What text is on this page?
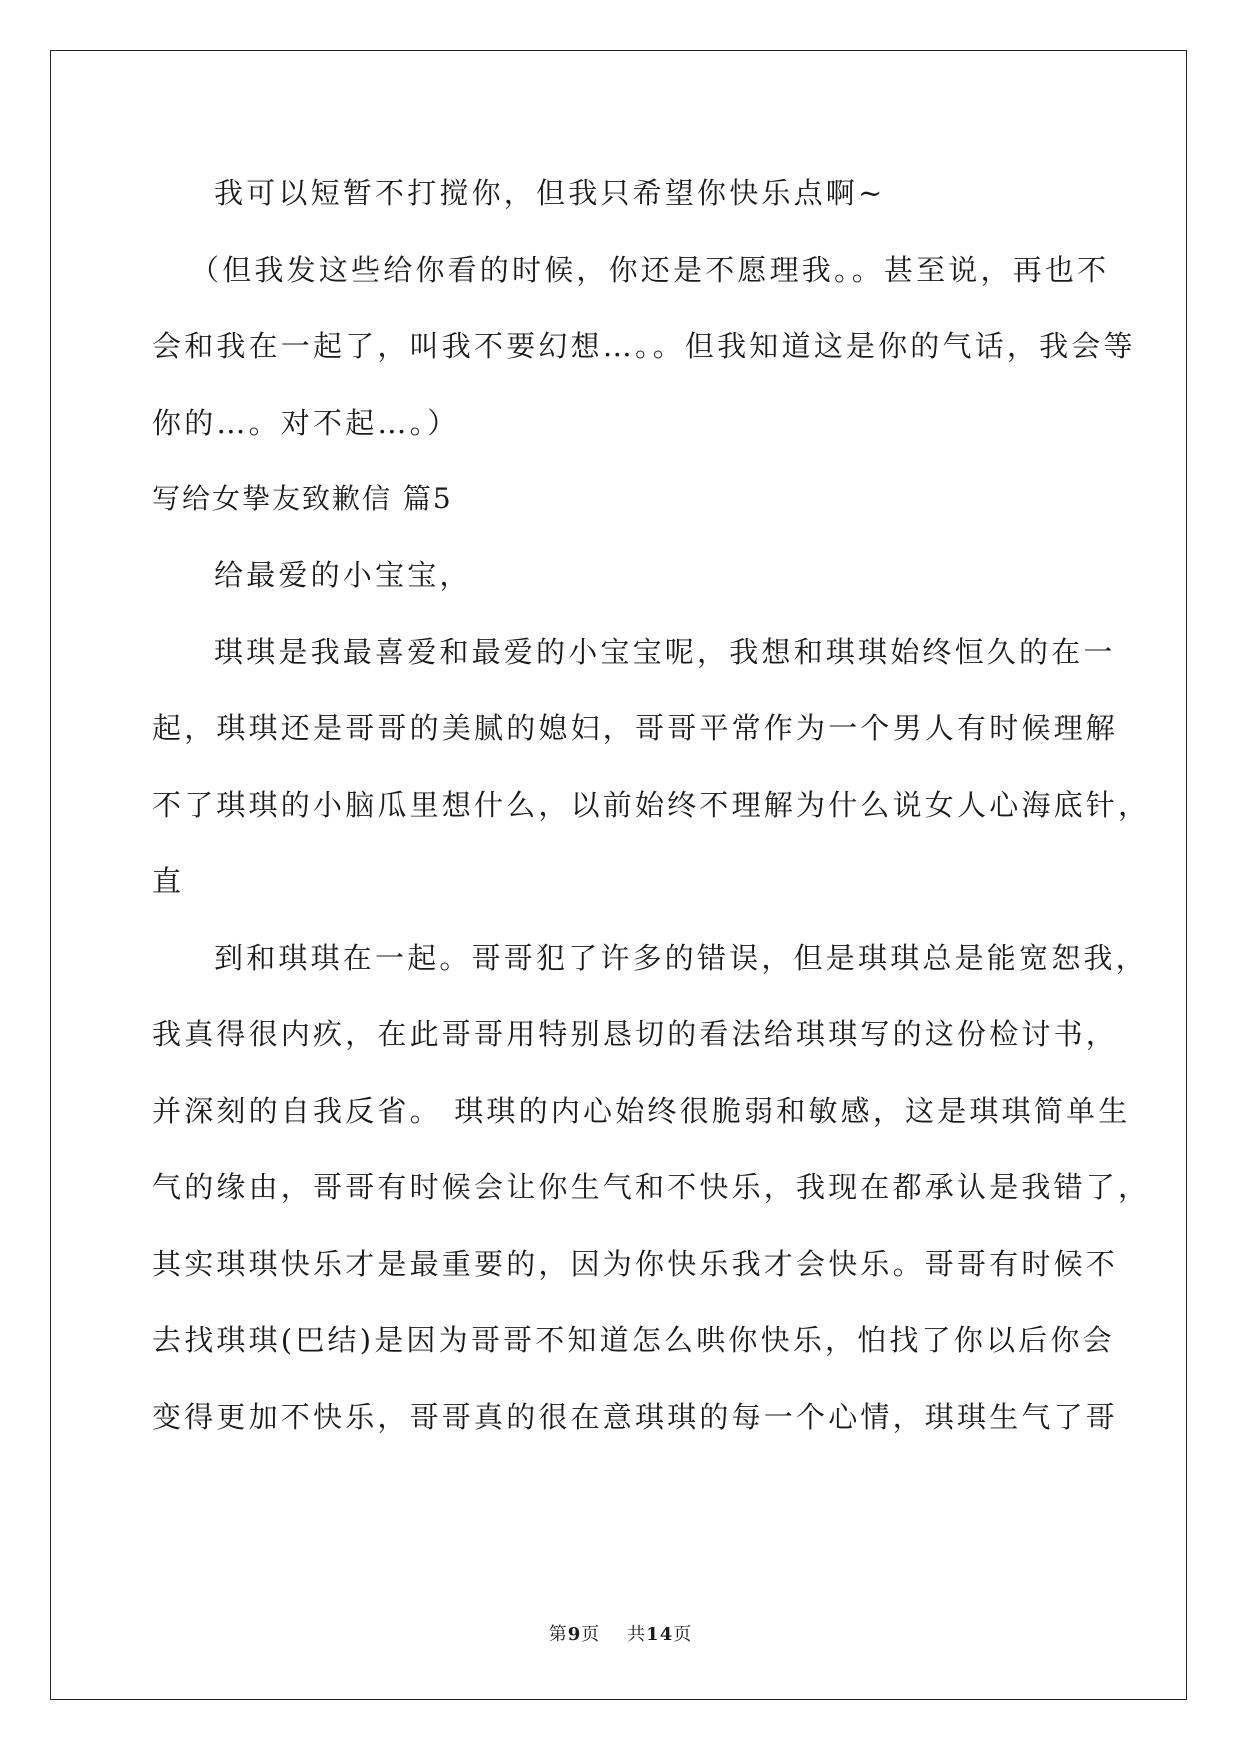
我可以短暂不打搅你，但我只希望你快乐点啊~
（但我发这些给你看的时候，你还是不愿理我。。甚至说，再也不
会和我在一起了，叫我不要幻想…。。但我知道这是你的气话，我会等
你的…。对不起…。）
写给女挚友致歉信 篇5
给最爱的小宝宝，
琪琪是我最喜爱和最爱的小宝宝呢，我想和琪琪始终恒久的在一
起，琪琪还是哥哥的美腻的媳妇，哥哥平常作为一个男人有时候理解
不了琪琪的小脑瓜里想什么，以前始终不理解为什么说女人心海底针，
直
到和琪琪在一起。哥哥犯了许多的错误，但是琪琪总是能宽恕我，
我真得很内疚，在此哥哥用特别恳切的看法给琪琪写的这份检讨书，
并深刻的自我反省。 琪琪的内心始终很脆弱和敏感，这是琪琪简单生
气的缘由，哥哥有时候会让你生气和不快乐，我现在都承认是我错了，
其实琪琪快乐才是最重要的，因为你快乐我才会快乐。哥哥有时候不
去找琪琪(巴结)是因为哥哥不知道怎么哄你快乐，怕找了你以后你会
变得更加不快乐，哥哥真的很在意琪琪的每一个心情，琪琪生气了哥
第9页 共14页
